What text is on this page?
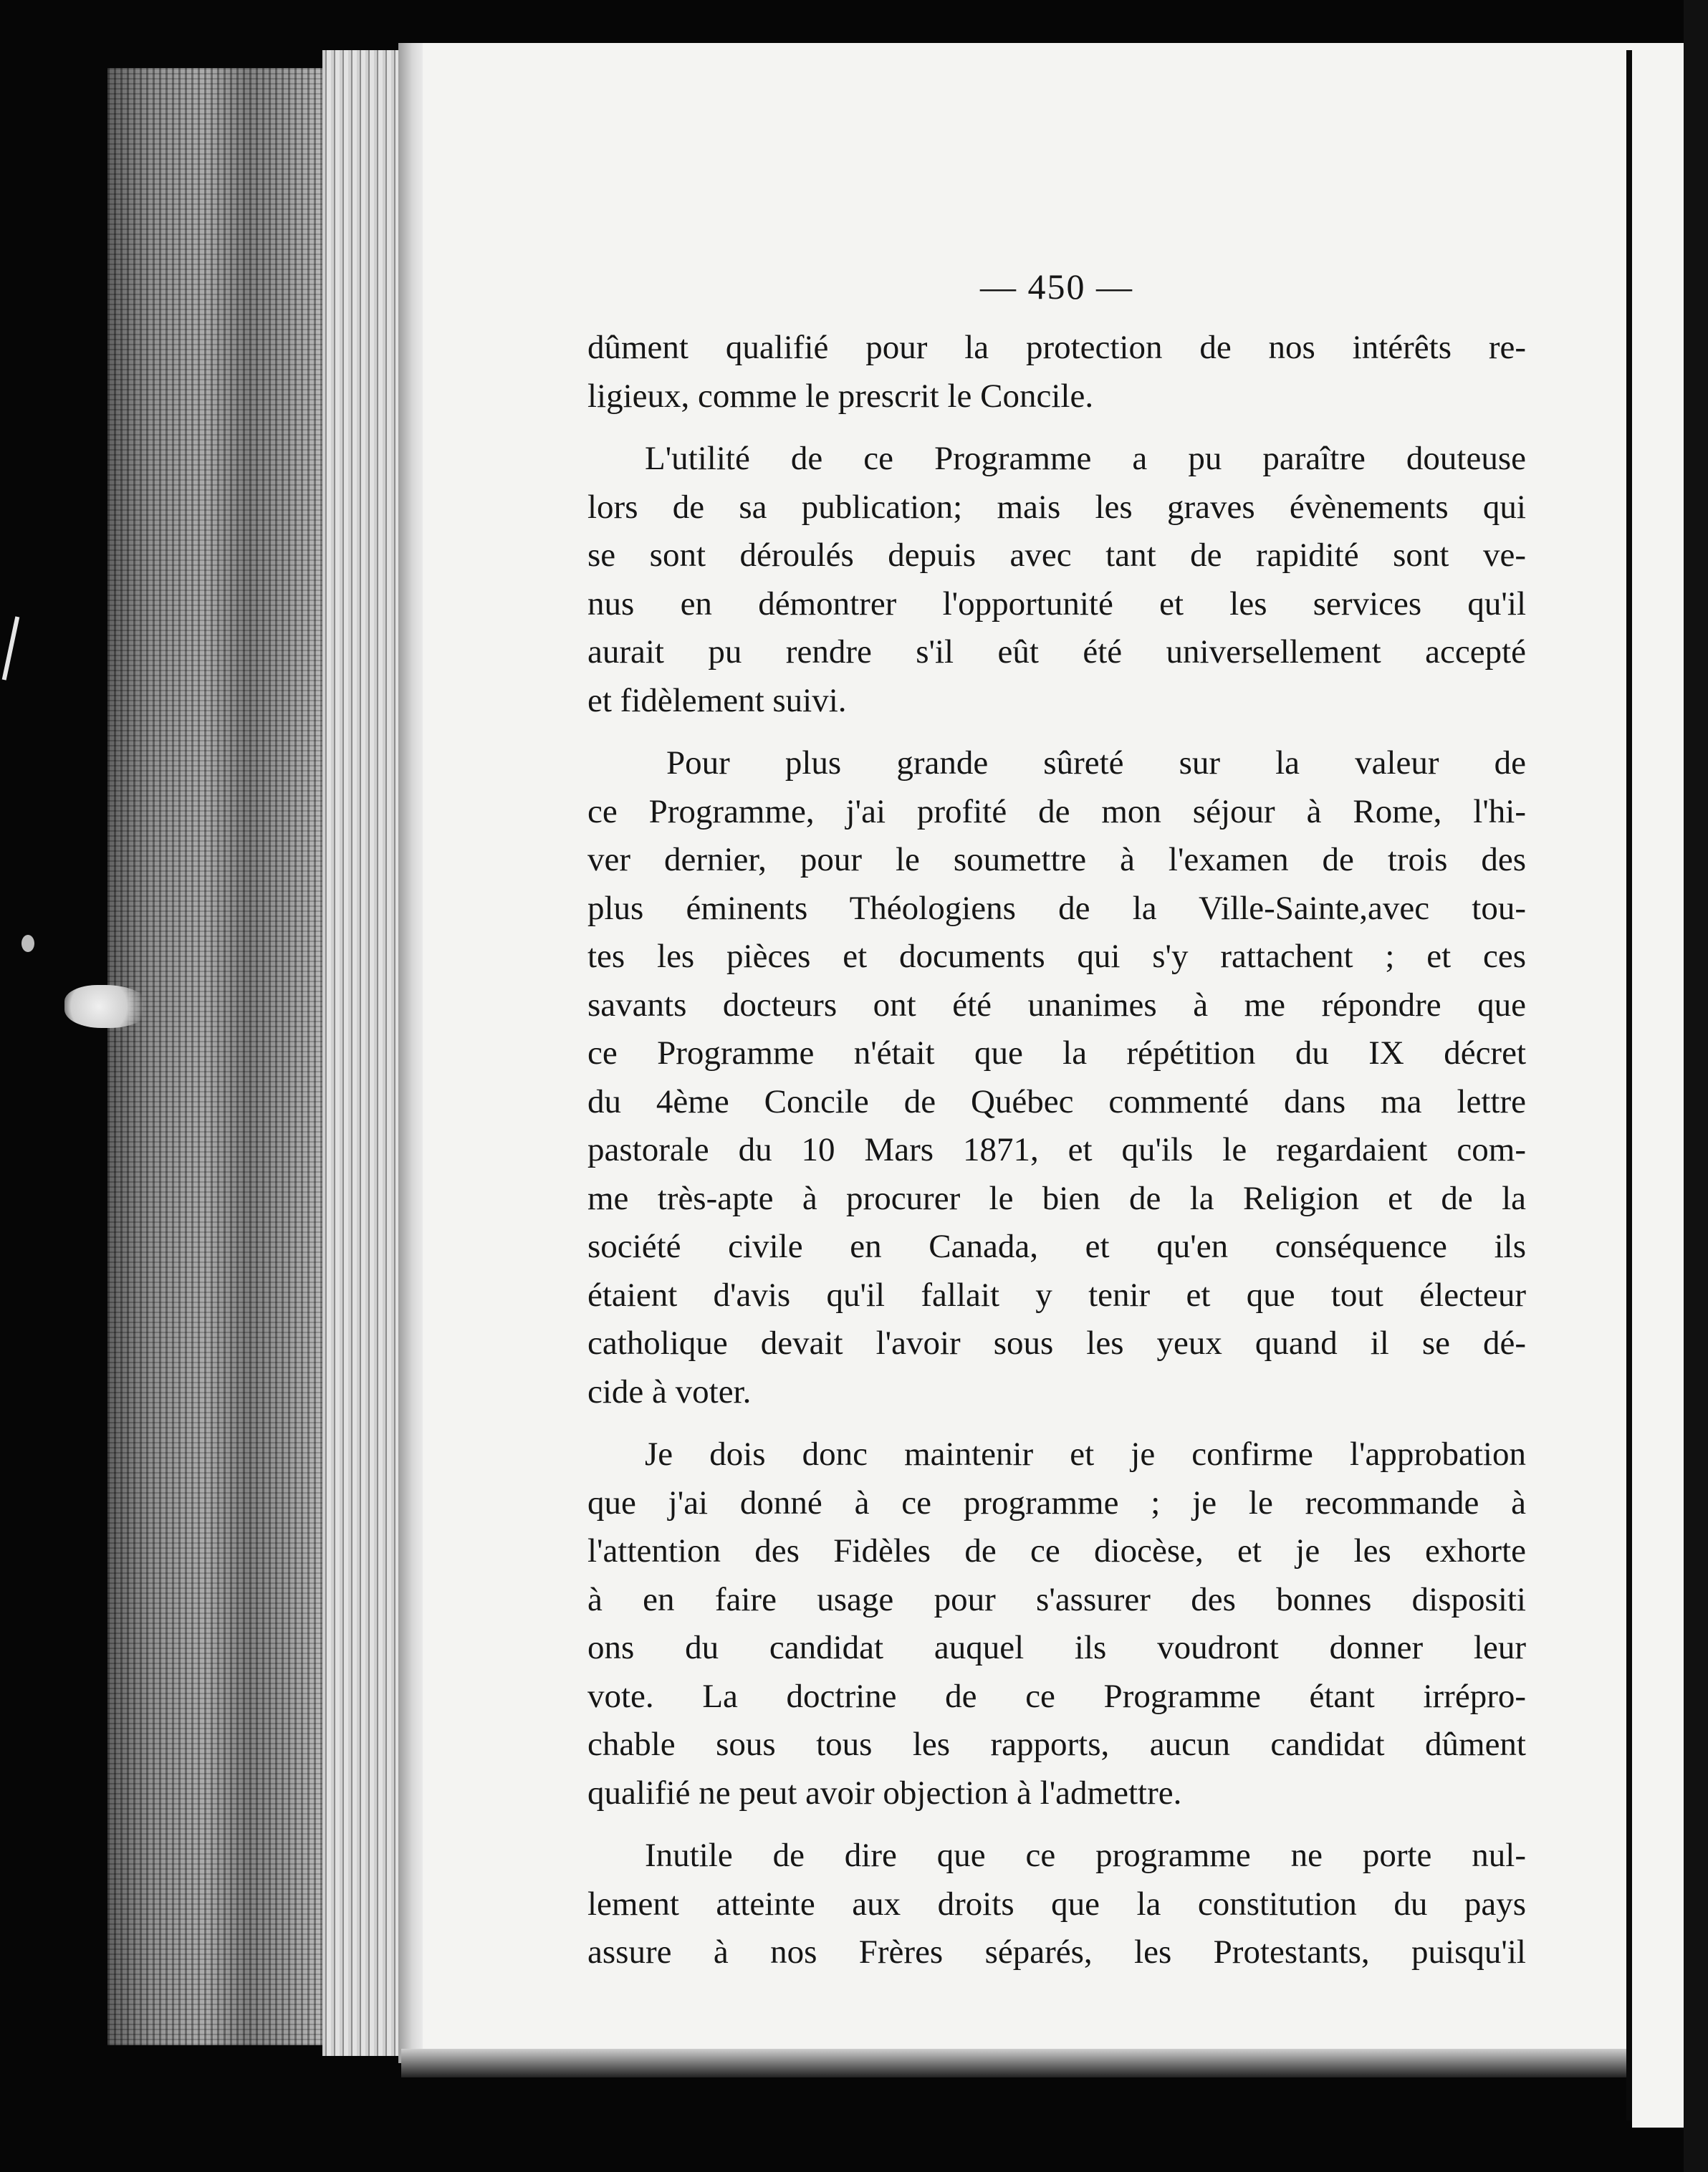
— 450 —
dûment qualifié pour la protection de nos intérêts re-
ligieux, comme le prescrit le Concile.
L'utilité de ce Programme a pu paraître douteuse
lors de sa publication; mais les graves évènements qui
se sont déroulés depuis avec tant de rapidité sont ve-
nus en démontrer l'opportunité et les services qu'il
aurait pu rendre s'il eût été universellement accepté
et fidèlement suivi.
Pour plus grande sûreté sur la valeur de
ce Programme, j'ai profité de mon séjour à Rome, l'hi-
ver dernier, pour le soumettre à l'examen de trois des
plus éminents Théologiens de la Ville-Sainte,avec tou-
tes les pièces et documents qui s'y rattachent ; et ces
savants docteurs ont été unanimes à me répondre que
ce Programme n'était que la répétition du IX décret
du 4ème Concile de Québec commenté dans ma lettre
pastorale du 10 Mars 1871, et qu'ils le regardaient com-
me très-apte à procurer le bien de la Religion et de la
société civile en Canada, et qu'en conséquence ils
étaient d'avis qu'il fallait y tenir et que tout électeur
catholique devait l'avoir sous les yeux quand il se dé-
cide à voter.
Je dois donc maintenir et je confirme l'approbation
que j'ai donné à ce programme ; je le recommande à
l'attention des Fidèles de ce diocèse, et je les exhorte
à en faire usage pour s'assurer des bonnes dispositi
ons du candidat auquel ils voudront donner leur
vote. La doctrine de ce Programme étant irrépro-
chable sous tous les rapports, aucun candidat dûment
qualifié ne peut avoir objection à l'admettre.
Inutile de dire que ce programme ne porte nul-
lement atteinte aux droits que la constitution du pays
assure à nos Frères séparés, les Protestants, puisqu'il
